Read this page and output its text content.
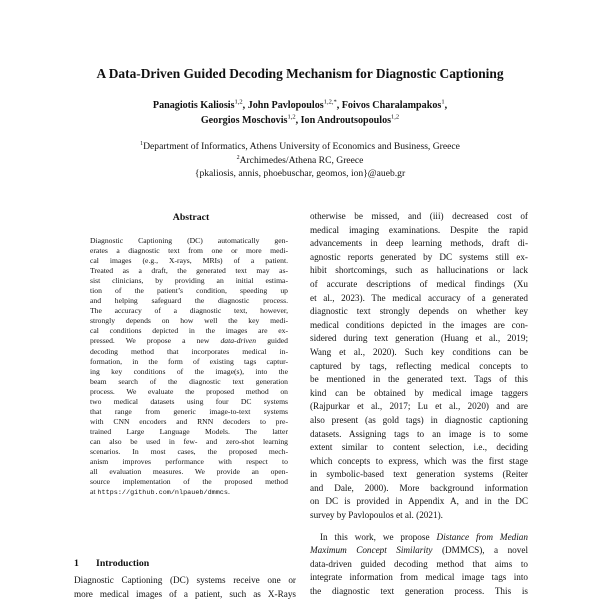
A Data-Driven Guided Decoding Mechanism for Diagnostic Captioning
Panagiotis Kaliosis$^{1,2}$, John Pavlopoulos$^{1,2,*}$, Foivos Charalampakos$^1$,
Georgios Moschovis$^{1,2}$, Ion Androutsopoulos$^{1,2}$
$^1$Department of Informatics, Athens University of Economics and Business, Greece
$^2$Archimedes/Athena RC, Greece
{pkaliosis, annis, phoebuschar, geomos, ion}@aueb.gr
Abstract
Diagnostic Captioning (DC) automatically gen-
erates a diagnostic text from one or more medi-
cal images (e.g., X-rays, MRIs) of a patient.
Treated as a draft, the generated text may as-
sist clinicians, by providing an initial estima-
tion of the patient’s condition, speeding up
and helping safeguard the diagnostic process.
The accuracy of a diagnostic text, however,
strongly depends on how well the key medi-
cal conditions depicted in the images are ex-
pressed. We propose a new data-driven guided
decoding method that incorporates medical in-
formation, in the form of existing tags captur-
ing key conditions of the image(s), into the
beam search of the diagnostic text generation
process. We evaluate the proposed method on
two medical datasets using four DC systems
that range from generic image-to-text systems
with CNN encoders and RNN decoders to pre-
trained Large Language Models. The latter
can also be used in few- and zero-shot learning
scenarios. In most cases, the proposed mech-
anism improves performance with respect to
all evaluation measures. We provide an open-
source implementation of the proposed method
at https://github.com/nlpaueb/dmmcs.
1 Introduction
Diagnostic Captioning (DC) systems receive one or
more medical images of a patient, such as X-Rays
otherwise be missed, and (iii) decreased cost of
medical imaging examinations. Despite the rapid
advancements in deep learning methods, draft di-
agnostic reports generated by DC systems still ex-
hibit shortcomings, such as hallucinations or lack
of accurate descriptions of medical findings (Xu
et al., 2023). The medical accuracy of a generated
diagnostic text strongly depends on whether key
medical conditions depicted in the images are con-
sidered during text generation (Huang et al., 2019;
Wang et al., 2020). Such key conditions can be
captured by tags, reflecting medical concepts to
be mentioned in the generated text. Tags of this
kind can be obtained by medical image taggers
(Rajpurkar et al., 2017; Lu et al., 2020) and are
also present (as gold tags) in diagnostic captioning
datasets. Assigning tags to an image is to some
extent similar to content selection, i.e., deciding
which concepts to express, which was the first stage
in symbolic-based text generation systems (Reiter
and Dale, 2000). More background information
on DC is provided in Appendix A, and in the DC
survey by Pavlopoulos et al. (2021).
In this work, we propose Distance from Median
Maximum Concept Similarity (DMMCS), a novel
data-driven guided decoding method that aims to
integrate information from medical image tags into
the diagnostic text generation process. This is
